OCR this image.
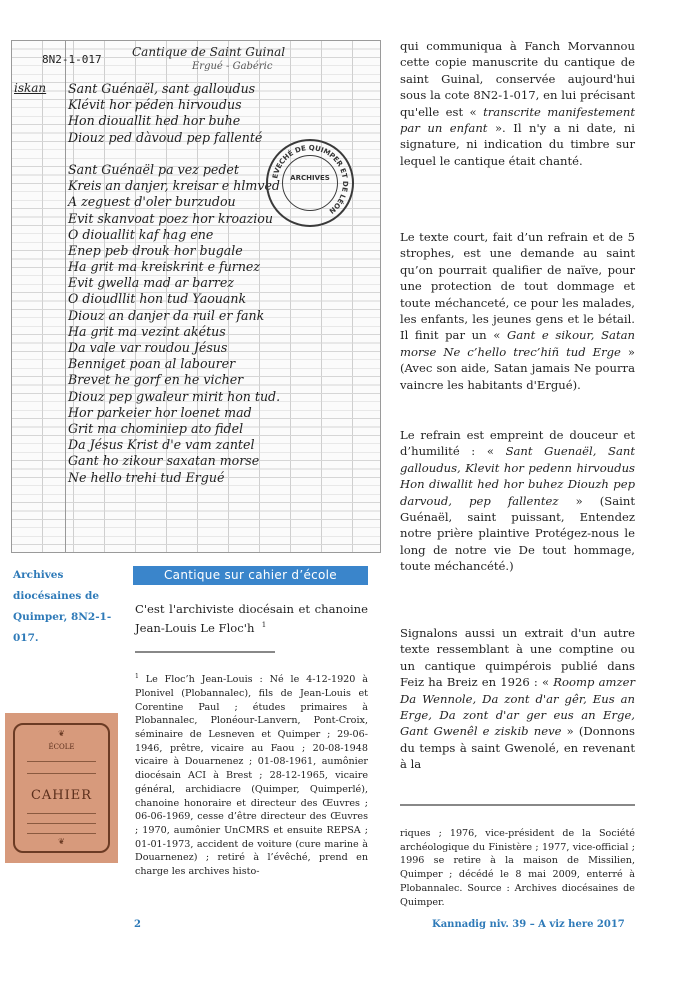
8N2-1-017
Cantique de Saint Guinal
Ergué - Gabéric
iskan Sant Guénaël, sant galloudus
Klévit hor péden hirvoudus
Hon diouallit hed hor buhe
Diouz ped dàvoud pep fallenté
Sant Guénaël pa vez pedet
Kreis an danjer, kreisar e hlmved
A zeguest d'oler burzudou
Evit skanvoat poez hor kroaziou
O diouallit kaf hag ene
Enep peb drouk hor bugale
Ha grit ma kreiskrint e furnez
Evit gwella mad ar barrez
O dioudllit hon tud Yaouank
Diouz an danjer da ruil er fank
Ha grit ma vezint akétus
Da vale var roudou Jésus
Benniget poan al labourer
Brevet he gorf en he vicher
Diouz pep gwaleur mirit hon tud.
Hor parkeier hor loenet mad
Grit ma chominiep ato fidel
Da Jésus Krist d'e vam zantel
Gant ho zikour saxatan morse
Ne hello trehi tud Ergué
EVECHÉ DE QUIMPER ET DE LÉON
ARCHIVES
Archives diocésaines de Quimper, 8N2-1-017.
Cantique sur cahier d’école
C'est l'archiviste diocésain et chanoine Jean-Louis Le Floc'h $^1$
$^1$ Le Floc’h Jean-Louis : Né le 4-12-1920 à Plonivel (Plobannalec), fils de Jean-Louis et Corentine Paul ; études primaires à Plobannalec, Plonéour-Lanvern, Pont-Croix, séminaire de Lesneven et Quimper ; 29-06-1946, prêtre, vicaire au Faou ; 20-08-1948 vicaire à Douarnenez ; 01-08-1961, aumônier diocésain ACI à Brest ; 28-12-1965, vicaire général, archidiacre (Quimper, Quimperlé), chanoine honoraire et directeur des Œuvres ; 06-06-1969, cesse d’être directeur des Œuvres ; 1970, aumônier UnCMRS et ensuite REPSA ; 01-01-1973, accident de voiture (cure marine à Douarnenez) ; retiré à l’évêché, prend en charge les archives histo-
❦
ÉCOLE
CAHIER
❦

qui communiqua à Fanch Morvannou cette copie manuscrite du cantique de saint Guinal, conservée aujourd'hui sous la cote 8N2-1-017, en lui précisant qu'elle est « transcrite manifestement par un enfant ». Il n'y a ni date, ni signature, ni indication du timbre sur lequel le cantique était chanté.

Le texte court, fait d’un refrain et de 5 strophes, est une demande au saint qu’on pourrait qualifier de naïve, pour une protection de tout dommage et toute méchanceté, ce pour les malades, les enfants, les jeunes gens et le bétail. Il finit par un « Gant e sikour, Satan morse Ne c’hello trec’hiñ tud Erge » (Avec son aide, Satan jamais Ne pourra vaincre les habitants d'Ergué).

Le refrain est empreint de douceur et d’humilité : « Sant Guenaël, Sant galloudus, Klevit hor pedenn hirvoudus Hon diwallit hed hor buhez Diouzh pep darvoud, pep fallentez » (Saint Guénaël, saint puissant, Entendez notre prière plaintive Protégez-nous le long de notre vie De tout hommage, toute méchancété.)

Signalons aussi un extrait d'un autre texte ressemblant à une comptine ou un cantique quimpérois publié dans Feiz ha Breiz en 1926 : « Roomp amzer Da Wennole, Da zont d'ar gêr, Eus an Erge, Da zont d'ar ger eus an Erge, Gant Gwenêl e ziskib neve » (Donnons du temps à saint Gwenolé, en revenant à la

riques ; 1976, vice-président de la Société archéologique du Finistère ; 1977, vice-official ; 1996 se retire à la maison de Missilien, Quimper ; décédé le 8 mai 2009, enterré à Plobannalec. Source : Archives diocésaines de Quimper.
2	Kannadig niv. 39 – A viz here 2017
